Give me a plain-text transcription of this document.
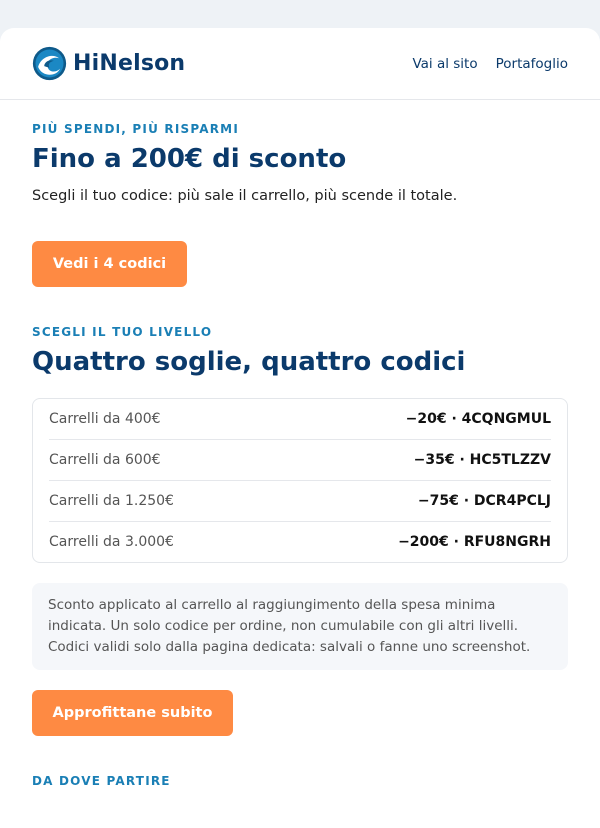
HiNelson	Vai al sito Portafoglio
PIÙ SPENDI, PIÙ RISPARMI
Fino a 200€ di sconto
Scegli il tuo codice: più sale il carrello, più scende il totale.
Vedi i 4 codici
SCEGLI IL TUO LIVELLO
Quattro soglie, quattro codici
Carrelli da 400€	−20€ · 4CQNGMUL
Carrelli da 600€	−35€ · HC5TLZZV
Carrelli da 1.250€	−75€ · DCR4PCLJ
Carrelli da 3.000€	−200€ · RFU8NGRH
Sconto applicato al carrello al raggiungimento della spesa minima indicata. Un solo codice per ordine, non cumulabile con gli altri livelli. Codici validi solo dalla pagina dedicata: salvali o fanne uno screenshot.
Approfittane subito
DA DOVE PARTIRE
